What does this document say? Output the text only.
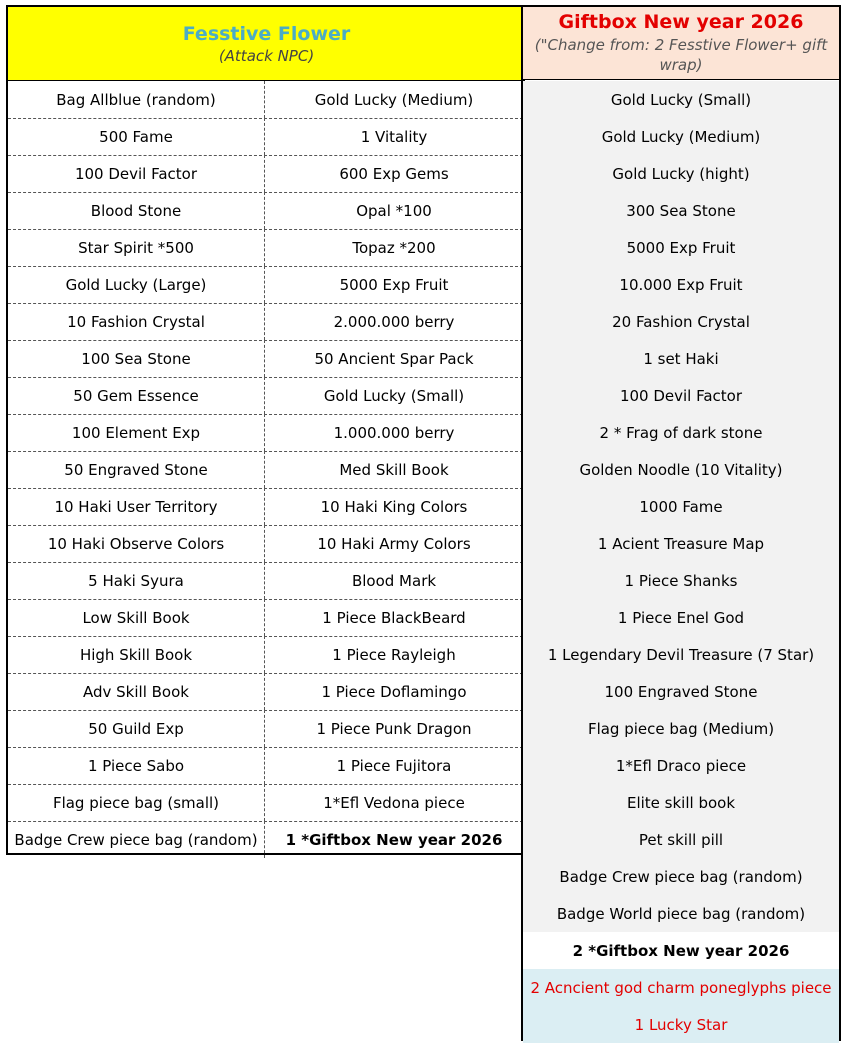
Fesstive Flower
(Attack NPC)
Bag Allblue (random)	Gold Lucky (Medium)
500 Fame	1 Vitality
100 Devil Factor	600 Exp Gems
Blood Stone	Opal *100
Star Spirit *500	Topaz *200
Gold Lucky (Large)	5000 Exp Fruit
10 Fashion Crystal	2.000.000 berry
100 Sea Stone	50 Ancient Spar Pack
50 Gem Essence	Gold Lucky (Small)
100 Element Exp	1.000.000 berry
50 Engraved Stone	Med Skill Book
10 Haki User Territory	10 Haki King Colors
10 Haki Observe Colors	10 Haki Army Colors
5 Haki Syura	Blood Mark
Low Skill Book	1 Piece BlackBeard
High Skill Book	1 Piece Rayleigh
Adv Skill Book	1 Piece Doflamingo
50 Guild Exp	1 Piece Punk Dragon
1 Piece Sabo	1 Piece Fujitora
Flag piece bag (small)	1*Efl Vedona piece
Badge Crew piece bag (random)	1 *Giftbox New year 2026
Giftbox New year 2026
("Change from: 2 Fesstive Flower+ gift wrap)
Gold Lucky (Small)
Gold Lucky (Medium)
Gold Lucky (hight)
300 Sea Stone
5000 Exp Fruit
10.000 Exp Fruit
20 Fashion Crystal
1 set Haki
100 Devil Factor
2 * Frag of dark stone
Golden Noodle (10 Vitality)
1000 Fame
1 Acient Treasure Map
1 Piece Shanks
1 Piece Enel God
1 Legendary Devil Treasure (7 Star)
100 Engraved Stone
Flag piece bag (Medium)
1*Efl Draco piece
Elite skill book
Pet skill pill
Badge Crew piece bag (random)
Badge World piece bag (random)
2 *Giftbox New year 2026
2 Acncient god charm poneglyphs piece
1 Lucky Star
